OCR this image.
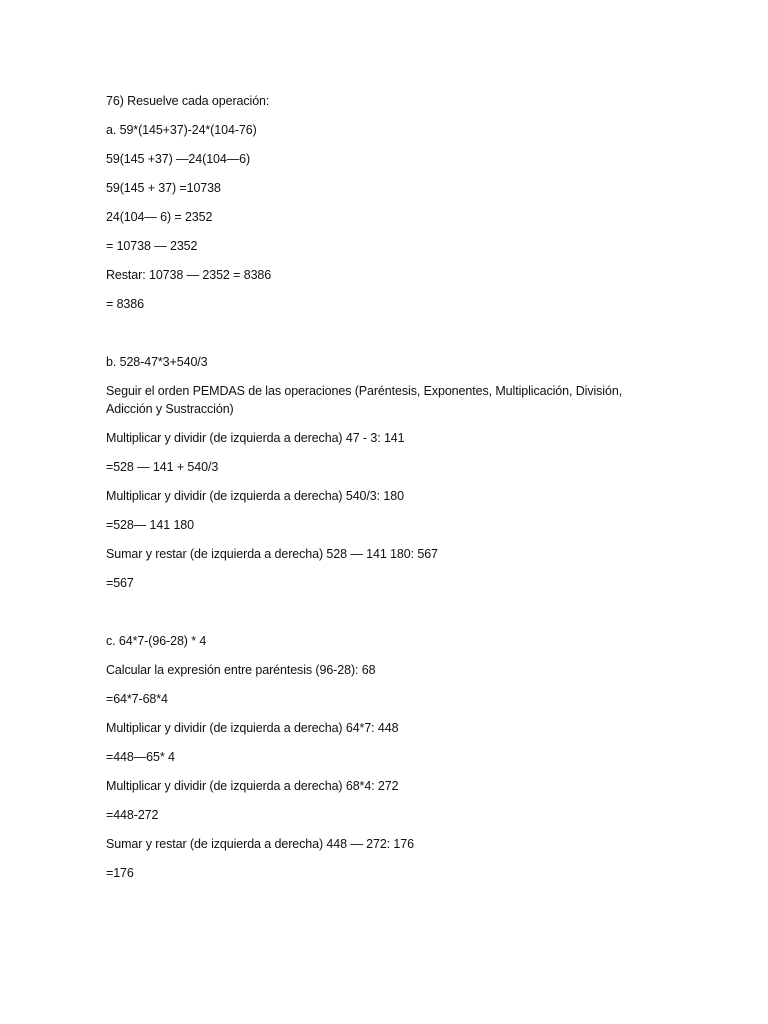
76) Resuelve cada operación:
a. 59*(145+37)-24*(104-76)
59(145 +37) —24(104—6)
59(145 + 37) =10738
24(104— 6) = 2352
= 10738 — 2352
Restar: 10738 — 2352 = 8386
= 8386
b. 528-47*3+540/3
Seguir el orden PEMDAS de las operaciones (Paréntesis, Exponentes, Multiplicación, División, Adicción y Sustracción)
Multiplicar y dividir (de izquierda a derecha) 47 - 3: 141
=528 — 141 + 540/3
Multiplicar y dividir (de izquierda a derecha) 540/3: 180
=528— 141 180
Sumar y restar (de izquierda a derecha) 528 — 141 180: 567
=567
c. 64*7-(96-28) * 4
Calcular la expresión entre paréntesis (96-28): 68
=64*7-68*4
Multiplicar y dividir (de izquierda a derecha) 64*7: 448
=448—65* 4
Multiplicar y dividir (de izquierda a derecha) 68*4: 272
=448-272
Sumar y restar (de izquierda a derecha) 448 — 272: 176
=176
